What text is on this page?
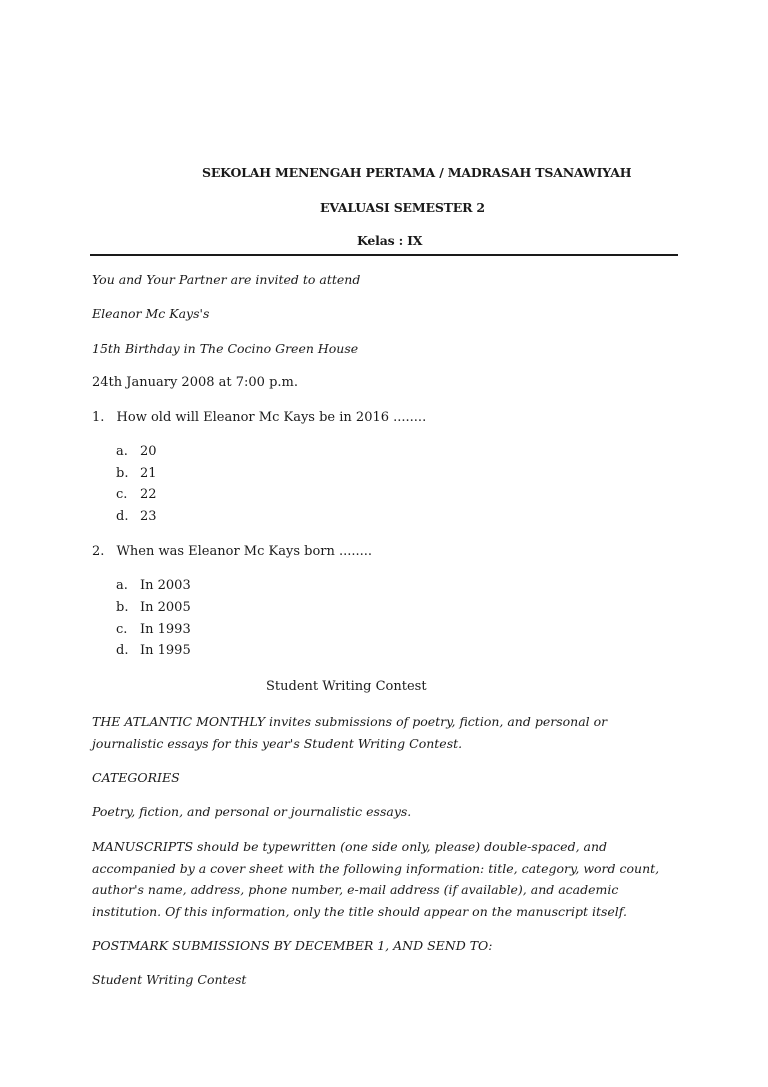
SEKOLAH MENENGAH PERTAMA / MADRASAH TSANAWIYAH
EVALUASI SEMESTER 2
Kelas : IX
You and Your Partner are invited to attend
Eleanor Mc Kays's
15th Birthday in The Cocino Green House
24th January 2008 at 7:00 p.m.
1. How old will Eleanor Mc Kays be in 2016 ........
a. 20
b. 21
c. 22
d. 23
2. When was Eleanor Mc Kays born ........
a. In 2003
b. In 2005
c. In 1993
d. In 1995
Student Writing Contest
THE ATLANTIC MONTHLY invites submissions of poetry, fiction, and personal or journalistic essays for this year's Student Writing Contest.
CATEGORIES
Poetry, fiction, and personal or journalistic essays.
MANUSCRIPTS should be typewritten (one side only, please) double-spaced, and accompanied by a cover sheet with the following information: title, category, word count, author's name, address, phone number, e-mail address (if available), and academic institution. Of this information, only the title should appear on the manuscript itself.
POSTMARK SUBMISSIONS BY DECEMBER 1, AND SEND TO:
Student Writing Contest
